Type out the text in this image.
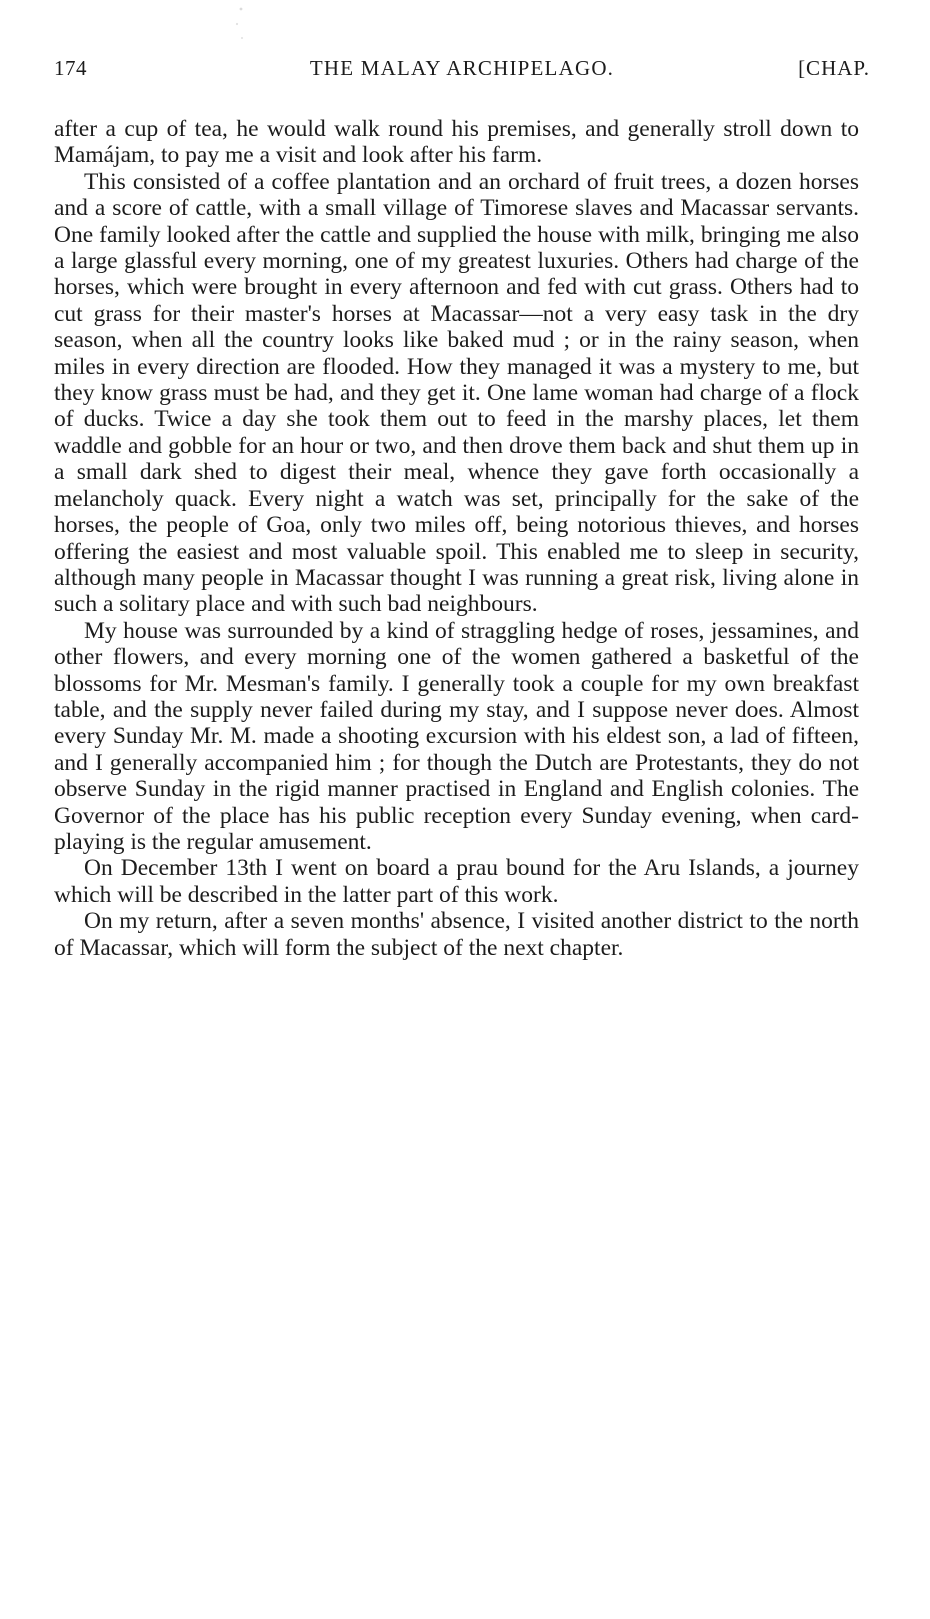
174	THE MALAY ARCHIPELAGO.	[CHAP.

after a cup of tea, he would walk round his premises, and generally stroll down to Mamájam, to pay me a visit and look after his farm.

This consisted of a coffee plantation and an orchard of fruit trees, a dozen horses and a score of cattle, with a small village of Timorese slaves and Macassar servants. One family looked after the cattle and supplied the house with milk, bringing me also a large glassful every morning, one of my greatest luxuries. Others had charge of the horses, which were brought in every afternoon and fed with cut grass. Others had to cut grass for their master's horses at Macassar—not a very easy task in the dry season, when all the country looks like baked mud ; or in the rainy season, when miles in every direction are flooded. How they managed it was a mystery to me, but they know grass must be had, and they get it. One lame woman had charge of a flock of ducks. Twice a day she took them out to feed in the marshy places, let them waddle and gobble for an hour or two, and then drove them back and shut them up in a small dark shed to digest their meal, whence they gave forth occasionally a melancholy quack. Every night a watch was set, principally for the sake of the horses, the people of Goa, only two miles off, being notorious thieves, and horses offering the easiest and most valuable spoil. This enabled me to sleep in security, although many people in Macassar thought I was running a great risk, living alone in such a solitary place and with such bad neighbours.

My house was surrounded by a kind of straggling hedge of roses, jessamines, and other flowers, and every morning one of the women gathered a basketful of the blossoms for Mr. Mesman's family. I generally took a couple for my own breakfast table, and the supply never failed during my stay, and I suppose never does. Almost every Sunday Mr. M. made a shooting excursion with his eldest son, a lad of fifteen, and I generally accompanied him ; for though the Dutch are Protestants, they do not observe Sunday in the rigid manner practised in England and English colonies. The Governor of the place has his public reception every Sunday evening, when card-playing is the regular amusement.

On December 13th I went on board a prau bound for the Aru Islands, a journey which will be described in the latter part of this work.

On my return, after a seven months' absence, I visited another district to the north of Macassar, which will form the subject of the next chapter.
